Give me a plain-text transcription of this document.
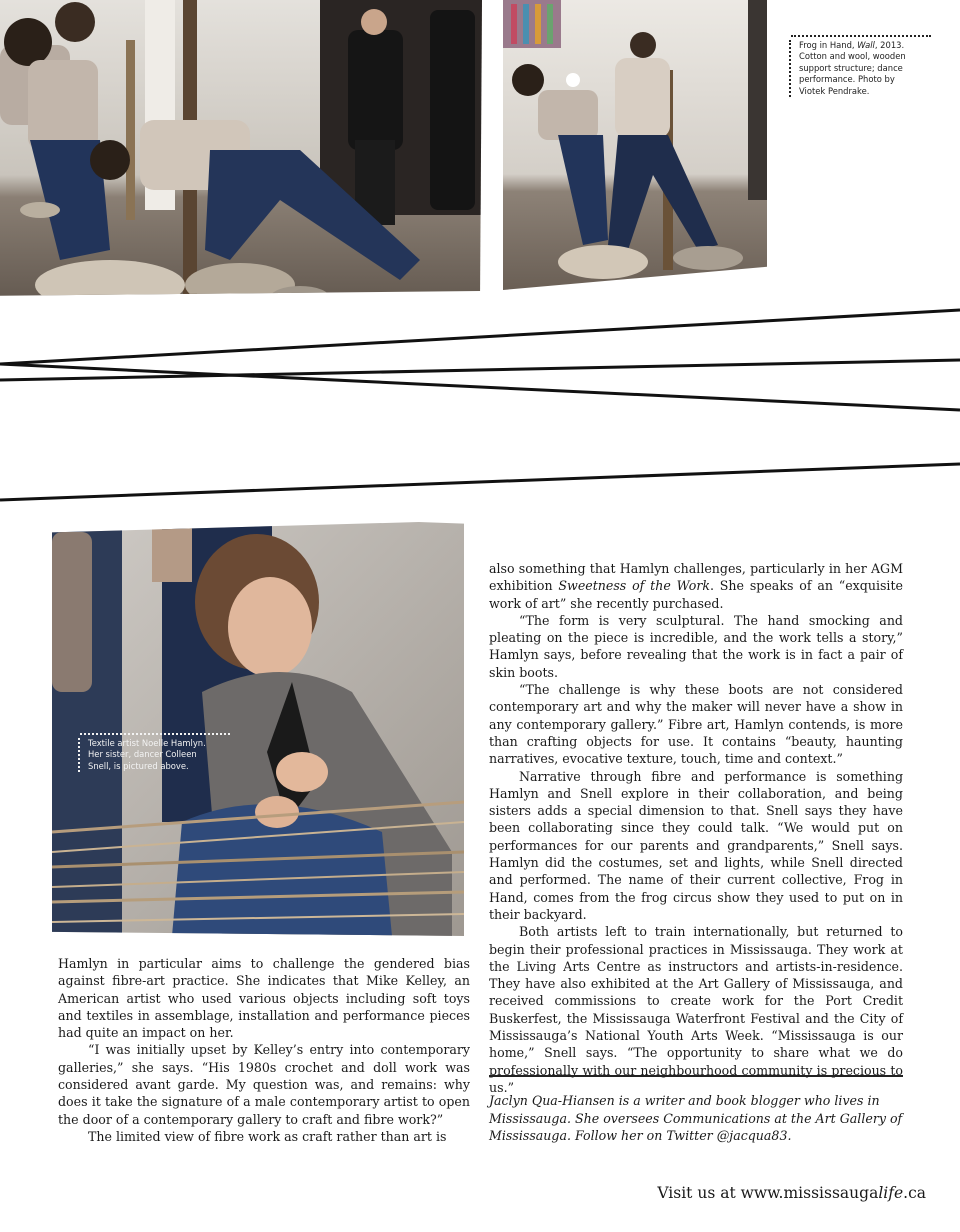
Frog in Hand, Wall, 2013. Cotton and wool, wooden support structure; dance performance. Photo by Viotek Pendrake.
Textile artist Noelle Hamlyn. Her sister, dancer Colleen Snell, is pictured above.

also something that Hamlyn challenges, particularly in her AGM exhibition Sweetness of the Work. She speaks of an “exquisite work of art” she recently purchased.

“The form is very sculptural. The hand smocking and pleating on the piece is incredible, and the work tells a story,” Hamlyn says, before revealing that the work is in fact a pair of skin boots.

“The challenge is why these boots are not considered contemporary art and why the maker will never have a show in any contemporary gallery.” Fibre art, Hamlyn contends, is more than crafting objects for use. It contains “beauty, haunting narratives, evocative texture, touch, time and context.”

Narrative through fibre and performance is something Hamlyn and Snell explore in their collaboration, and being sisters adds a special dimension to that. Snell says they have been collaborating since they could talk. “We would put on performances for our parents and grandparents,” Snell says. Hamlyn did the costumes, set and lights, while Snell directed and performed. The name of their current collective, Frog in Hand, comes from the frog circus show they used to put on in their backyard.

Both artists left to train internationally, but returned to begin their professional practices in Mississauga. They work at the Living Arts Centre as instructors and artists-in-residence. They have also exhibited at the Art Gallery of Mississauga, and received commissions to create work for the Port Credit Buskerfest, the Mississauga Waterfront Festival and the City of Mississauga’s National Youth Arts Week. “Mississauga is our home,” Snell says. “The opportunity to share what we do professionally with our neighbourhood community is precious to us.”

Hamlyn in particular aims to challenge the gendered bias against fibre-art practice. She indicates that Mike Kelley, an American artist who used various objects including soft toys and textiles in assemblage, installation and performance pieces had quite an impact on her.

“I was initially upset by Kelley’s entry into contemporary galleries,” she says. “His 1980s crochet and doll work was considered avant garde. My question was, and remains: why does it take the signature of a male contemporary artist to open the door of a contemporary gallery to craft and fibre work?”

The limited view of fibre work as craft rather than art is

Jaclyn Qua-Hiansen is a writer and book blogger who lives in Mississauga. She oversees Communications at the Art Gallery of Mississauga. Follow her on Twitter @jacqua83.
Visit us at www.mississaugalife.ca
